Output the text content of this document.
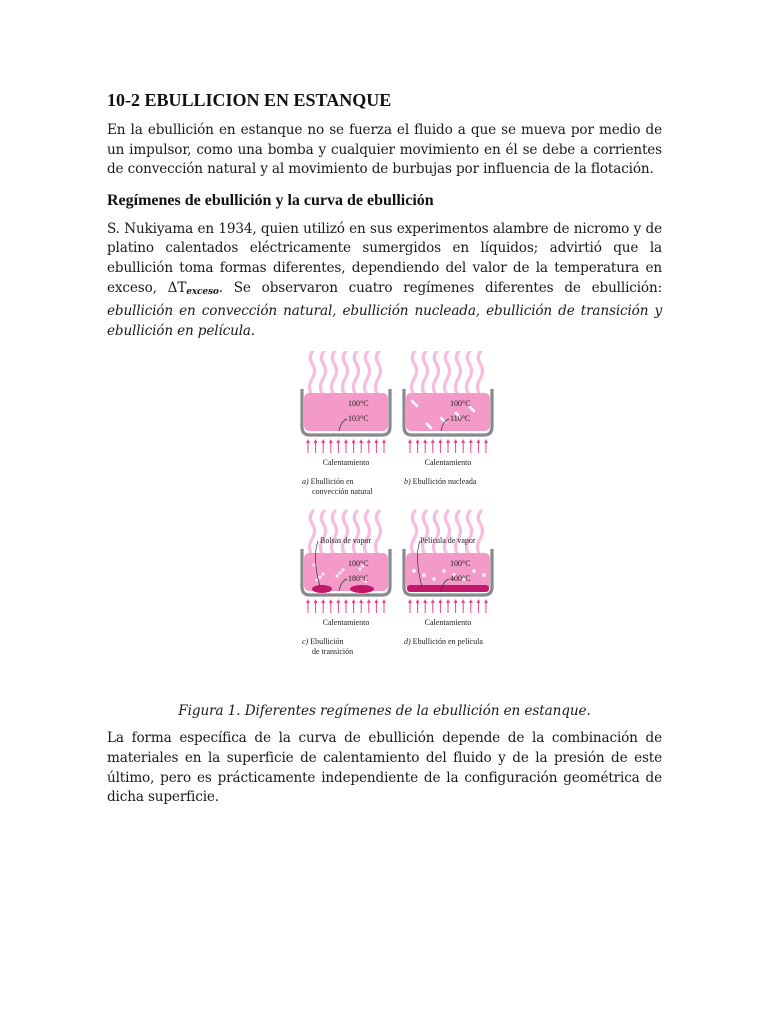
10-2 EBULLICION EN ESTANQUE

En la ebullición en estanque no se fuerza el fluido a que se mueva por medio de un impulsor, como una bomba y cualquier movimiento en él se debe a corrientes de convección natural y al movimiento de burbujas por influencia de la flotación.

Regímenes de ebullición y la curva de ebullición

S. Nukiyama en 1934, quien utilizó en sus experimentos alambre de nicromo y de platino calentados eléctricamente sumergidos en líquidos; advirtió que la ebullición toma formas diferentes, dependiendo del valor de la temperatura en exceso, $\Delta T_{exceso}$. Se observaron cuatro regímenes diferentes de ebullición: ebullición en convección natural, ebullición nucleada, ebullición de transición y ebullición en película.

100°C
103°C
Calentamiento
a) Ebullición en
convección natural
100°C
110°C
Calentamiento
b) Ebullición nucleada
100°C
180°C
Bolsas de vapor
Calentamiento
c) Ebullición
de transición
100°C
400°C
Película de vapor
Calentamiento
d) Ebullición en película

Figura 1. Diferentes regímenes de la ebullición en estanque.

La forma específica de la curva de ebullición depende de la combinación de materiales en la superficie de calentamiento del fluido y de la presión de este último, pero es prácticamente independiente de la configuración geométrica de dicha superficie.
